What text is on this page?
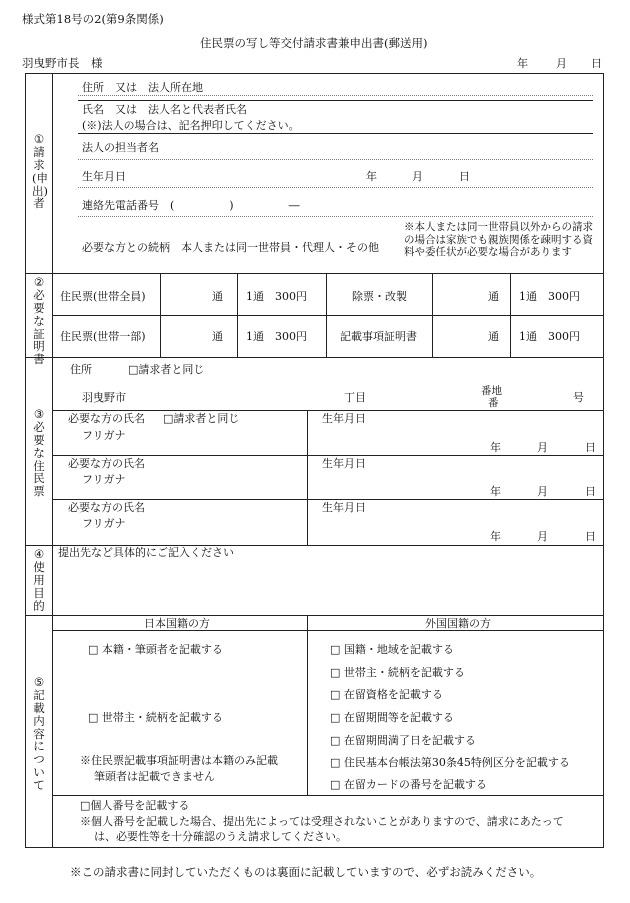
様式第18号の2(第9条関係)
住民票の写し等交付請求書兼申出書(郵送用)
羽曳野市長　様	年	月 日
①
請求(申出)者
住所　又は　法人所在地
氏名　又は　法人名と代表者氏名
(※)法人の場合は、記名押印してください。
法人の担当者名
生年月日	年	月	日
連絡先電話番号　(　　　　　)　　　　　―
必要な方との続柄　本人または同一世帯員・代理人・その他
※本人または同一世帯員以外からの請求の場合は家族でも親族関係を疎明する資料や委任状が必要な場合があります
②
必要な証明書
住民票(世帯全員)	通 1通　300円	除票・改製	通 1通　300円
住民票(世帯一部)	通 1通　300円	記載事項証明書	通 1通　300円
③
必要な住民票
住所	□請求者と同じ
羽曳野市	丁目	番地
番	号
必要な方の氏名 □請求者と同じ
フリガナ
生年月日
年	月	日
必要な方の氏名
フリガナ
生年月日
年	月	日
必要な方の氏名
フリガナ
生年月日
年	月	日
④
使用目的
提出先など具体的にご記入ください
⑤
記載内容について
日本国籍の方	外国国籍の方
□ 本籍・筆頭者を記載する
□ 世帯主・続柄を記載する
※住民票記載事項証明書は本籍のみ記載
筆頭者は記載できません
□ 国籍・地域を記載する
□ 世帯主・続柄を記載する
□ 在留資格を記載する
□ 在留期間等を記載する
□ 在留期間満了日を記載する
□ 住民基本台帳法第30条45特例区分を記載する
□ 在留カードの番号を記載する
□個人番号を記載する
※個人番号を記載した場合、提出先によっては受理されないことがありますので、請求にあたって
は、必要性等を十分確認のうえ請求してください。
※この請求書に同封していただくものは裏面に記載していますので、必ずお読みください。
